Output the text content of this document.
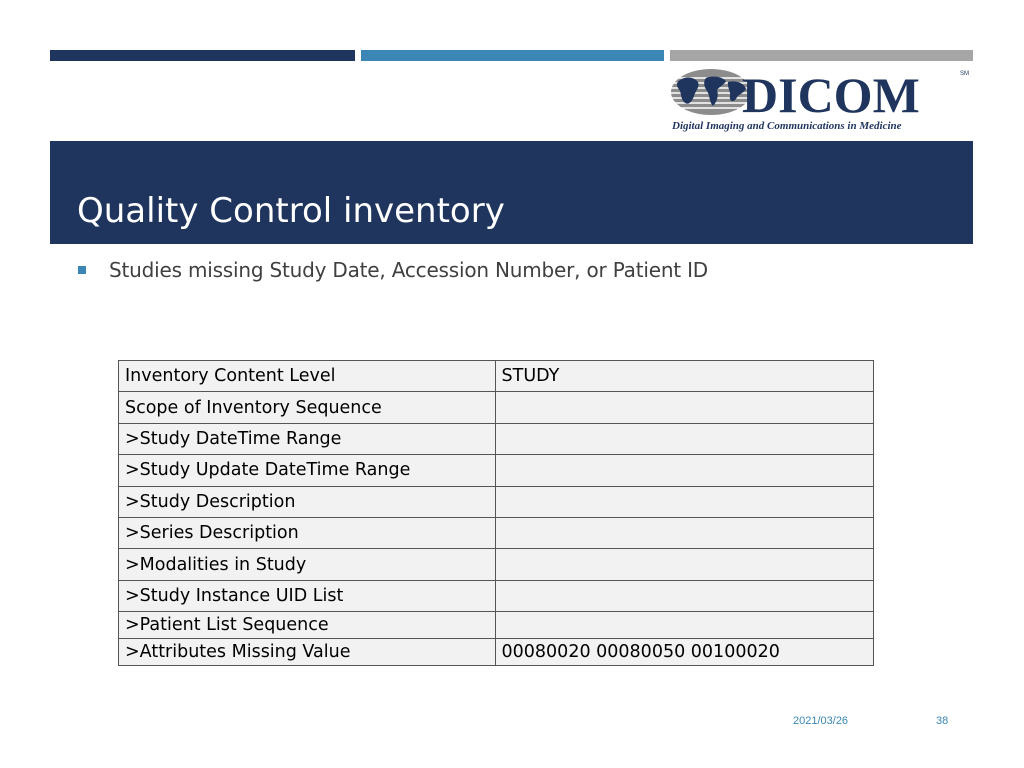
DICOM	SM
Digital Imaging and Communications in Medicine
Quality Control inventory
Studies missing Study Date, Accession Number, or Patient ID
Inventory Content Level	STUDY
Scope of Inventory Sequence	
>Study DateTime Range	
>Study Update DateTime Range	
>Study Description	
>Series Description	
>Modalities in Study	
>Study Instance UID List	
>Patient List Sequence	
>Attributes Missing Value	00080020 00080050 00100020
2021/03/26	38
